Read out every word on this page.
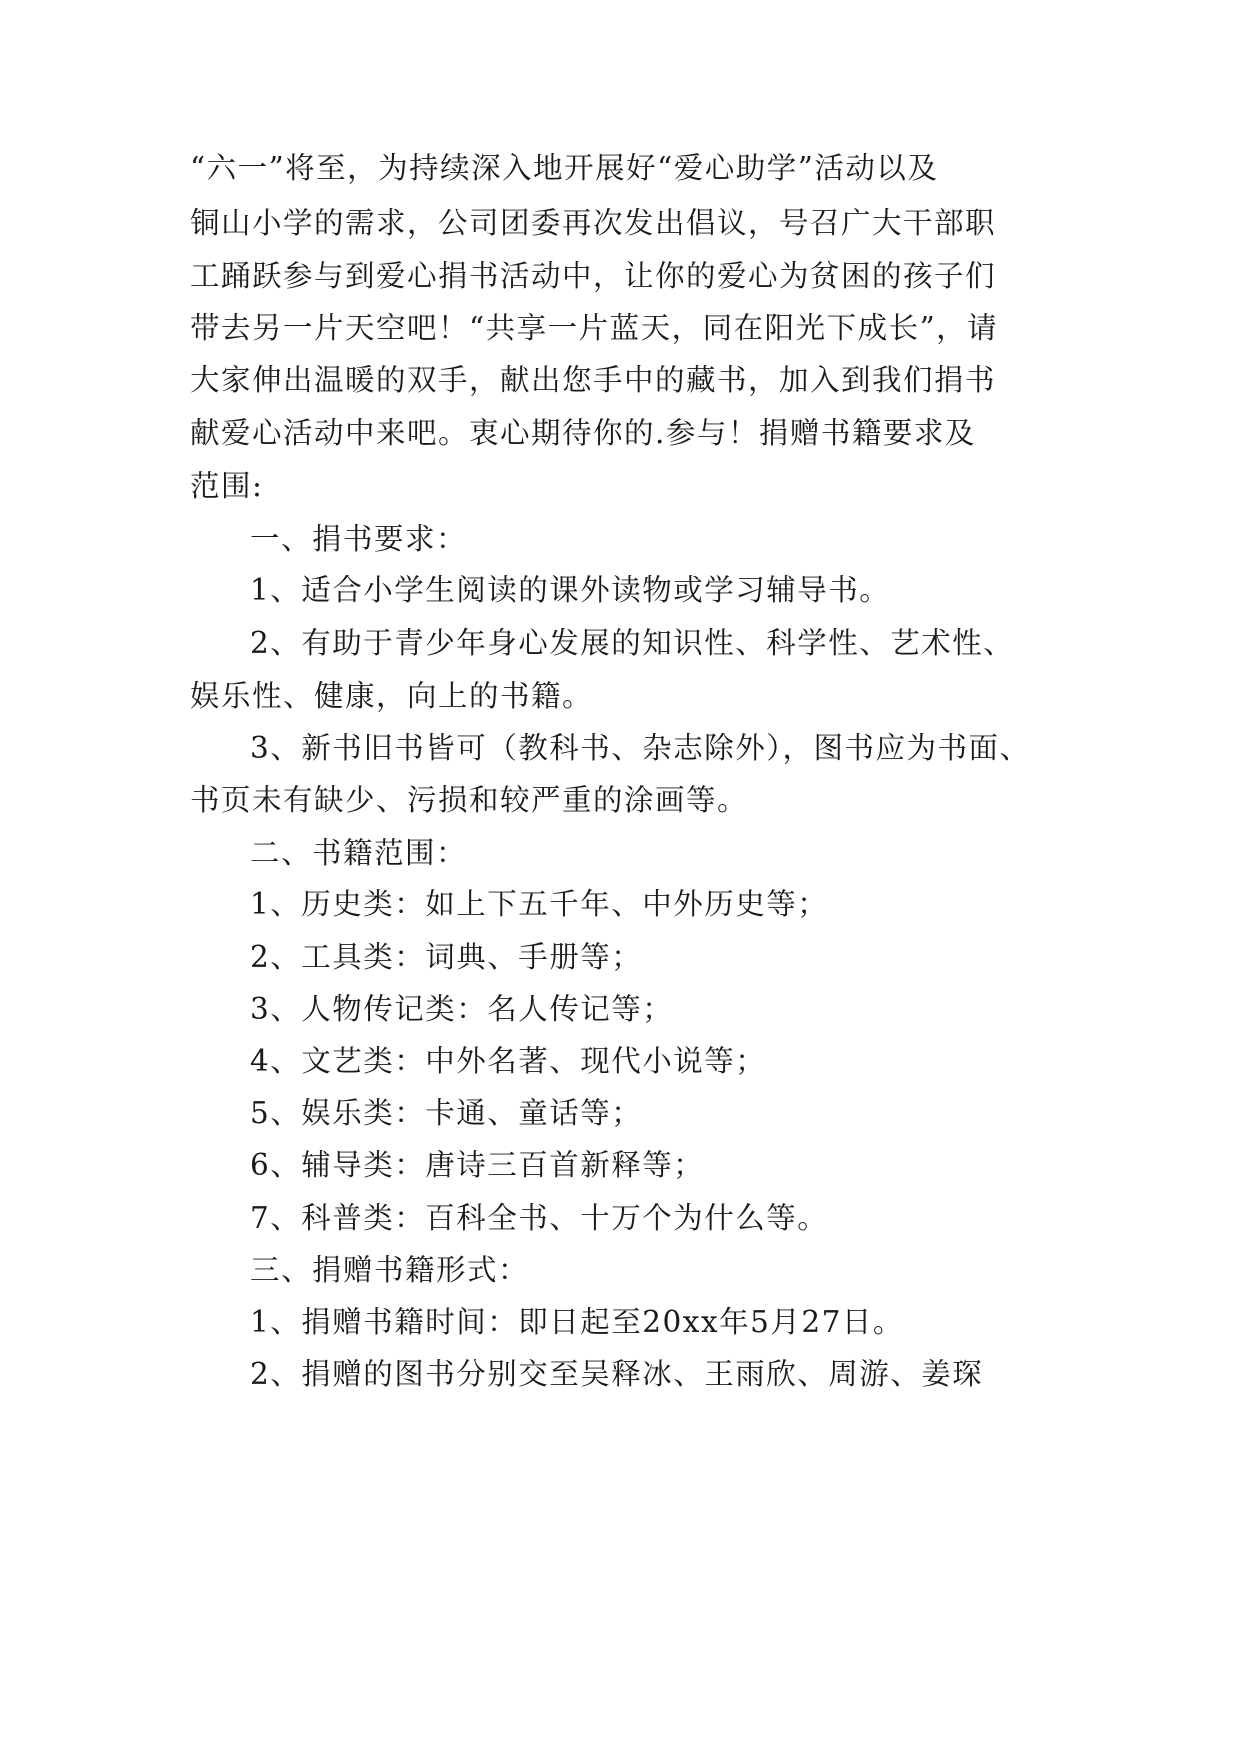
“六一”将至，为持续深入地开展好“爱心助学”活动以及
铜山小学的需求，公司团委再次发出倡议，号召广大干部职
工踊跃参与到爱心捐书活动中，让你的爱心为贫困的孩子们
带去另一片天空吧！“共享一片蓝天，同在阳光下成长”，请
大家伸出温暖的双手，献出您手中的藏书，加入到我们捐书
献爱心活动中来吧。衷心期待你的.参与！捐赠书籍要求及
范围:
一、捐书要求：
1、适合小学生阅读的课外读物或学习辅导书。
2、有助于青少年身心发展的知识性、科学性、艺术性、
娱乐性、健康，向上的书籍。
3、新书旧书皆可（教科书、杂志除外），图书应为书面、
书页未有缺少、污损和较严重的涂画等。
二、书籍范围：
1、历史类：如上下五千年、中外历史等；
2、工具类：词典、手册等；
3、人物传记类：名人传记等；
4、文艺类：中外名著、现代小说等；
5、娱乐类：卡通、童话等；
6、辅导类：唐诗三百首新释等；
7、科普类：百科全书、十万个为什么等。
三、捐赠书籍形式：
1、捐赠书籍时间：即日起至20xx年5月27日。
2、捐赠的图书分别交至吴释冰、王雨欣、周游、姜琛
